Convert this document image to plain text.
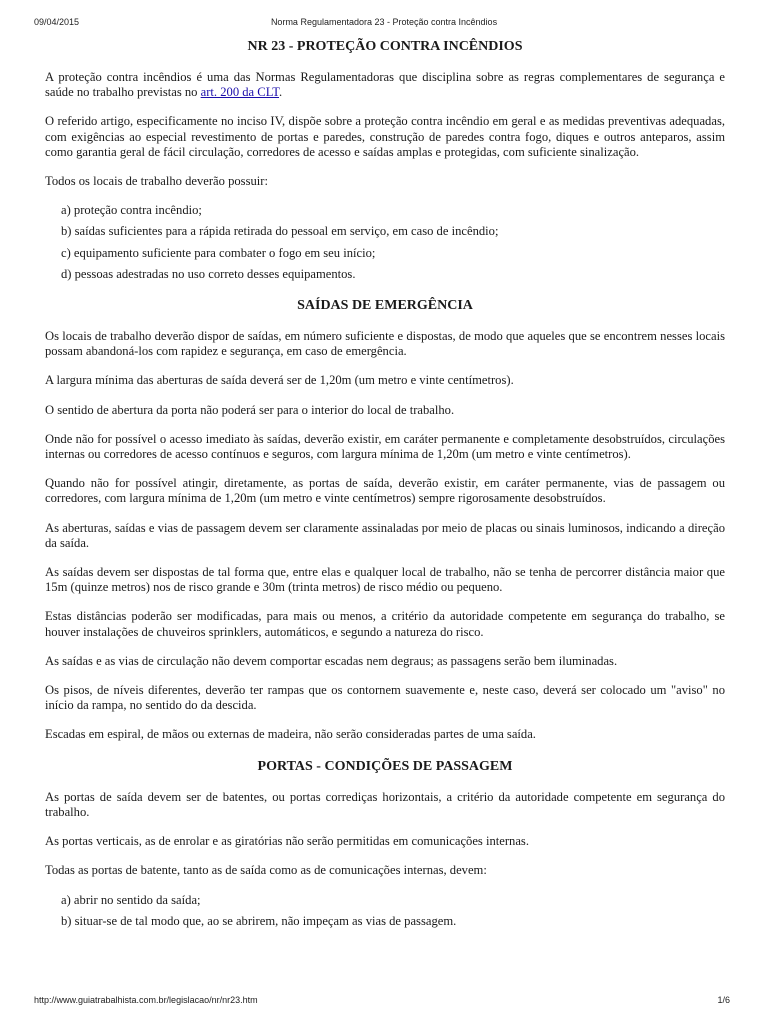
09/04/2015	Norma Regulamentadora 23 - Proteção contra Incêndios
NR 23 - PROTEÇÃO CONTRA INCÊNDIOS

A proteção contra incêndios é uma das Normas Regulamentadoras que disciplina sobre as regras complementares de segurança e saúde no trabalho previstas no art. 200 da CLT.

O referido artigo, especificamente no inciso IV, dispõe sobre a proteção contra incêndio em geral e as medidas preventivas adequadas, com exigências ao especial revestimento de portas e paredes, construção de paredes contra fogo, diques e outros anteparos, assim como garantia geral de fácil circulação, corredores de acesso e saídas amplas e protegidas, com suficiente sinalização.

Todos os locais de trabalho deverão possuir:

a) proteção contra incêndio;
b) saídas suficientes para a rápida retirada do pessoal em serviço, em caso de incêndio;
c) equipamento suficiente para combater o fogo em seu início;
d) pessoas adestradas no uso correto desses equipamentos.
SAÍDAS DE EMERGÊNCIA

Os locais de trabalho deverão dispor de saídas, em número suficiente e dispostas, de modo que aqueles que se encontrem nesses locais possam abandoná-los com rapidez e segurança, em caso de emergência.

A largura mínima das aberturas de saída deverá ser de 1,20m (um metro e vinte centímetros).

O sentido de abertura da porta não poderá ser para o interior do local de trabalho.

Onde não for possível o acesso imediato às saídas, deverão existir, em caráter permanente e completamente desobstruídos, circulações internas ou corredores de acesso contínuos e seguros, com largura mínima de 1,20m (um metro e vinte centímetros).

Quando não for possível atingir, diretamente, as portas de saída, deverão existir, em caráter permanente, vias de passagem ou corredores, com largura mínima de 1,20m (um metro e vinte centímetros) sempre rigorosamente desobstruídos.

As aberturas, saídas e vias de passagem devem ser claramente assinaladas por meio de placas ou sinais luminosos, indicando a direção da saída.

As saídas devem ser dispostas de tal forma que, entre elas e qualquer local de trabalho, não se tenha de percorrer distância maior que 15m (quinze metros) nos de risco grande e 30m (trinta metros) de risco médio ou pequeno.

Estas distâncias poderão ser modificadas, para mais ou menos, a critério da autoridade competente em segurança do trabalho, se houver instalações de chuveiros sprinklers, automáticos, e segundo a natureza do risco.

As saídas e as vias de circulação não devem comportar escadas nem degraus; as passagens serão bem iluminadas.

Os pisos, de níveis diferentes, deverão ter rampas que os contornem suavemente e, neste caso, deverá ser colocado um "aviso" no início da rampa, no sentido do da descida.

Escadas em espiral, de mãos ou externas de madeira, não serão consideradas partes de uma saída.

PORTAS - CONDIÇÕES DE PASSAGEM

As portas de saída devem ser de batentes, ou portas corrediças horizontais, a critério da autoridade competente em segurança do trabalho.

As portas verticais, as de enrolar e as giratórias não serão permitidas em comunicações internas.

Todas as portas de batente, tanto as de saída como as de comunicações internas, devem:

a) abrir no sentido da saída;
b) situar-se de tal modo que, ao se abrirem, não impeçam as vias de passagem.
http://www.guiatrabalhista.com.br/legislacao/nr/nr23.htm	1/6
